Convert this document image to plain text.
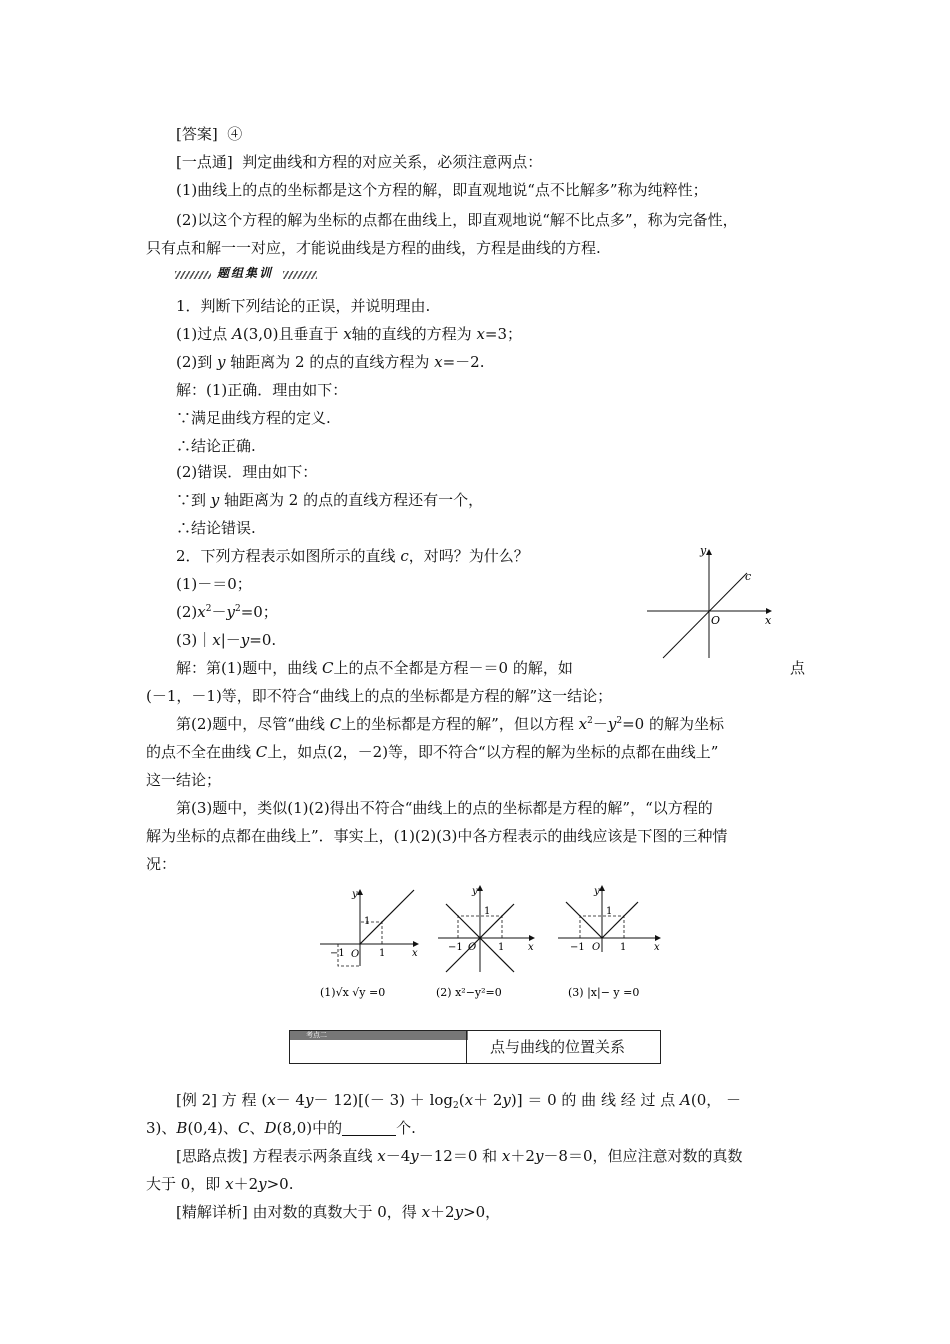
[答案] ④
[一点通] 判定曲线和方程的对应关系，必须注意两点：
(1)曲线上的点的坐标都是这个方程的解，即直观地说“点不比解多”称为纯粹性；
(2)以这个方程的解为坐标的点都在曲线上，即直观地说“解不比点多”，称为完备性，
只有点和解一一对应，才能说曲线是方程的曲线，方程是曲线的方程.
题组集训
1．判断下列结论的正误，并说明理由.
(1)过点 A(3,0)且垂直于 x轴的直线的方程为 x=3；
(2)到 y 轴距离为 2 的点的直线方程为 x=－2.
解：(1)正确．理由如下：
∵满足曲线方程的定义.
∴结论正确.
(2)错误．理由如下：
∵到 y 轴距离为 2 的点的直线方程还有一个，
∴结论错误.
2．下列方程表示如图所示的直线 c，对吗？为什么？
(1)－＝0；
$(2)x^2-y^2=0$；
(3)｜x|－y=0.
y
x
O
c
解：第(1)题中，曲线 C上的点不全都是方程－＝0 的解，如	点
(－1，－1)等，即不符合“曲线上的点的坐标都是方程的解”这一结论；
第(2)题中，尽管“曲线 C上的坐标都是方程的解”，但以方程 $x^2-y^2=0$ 的解为坐标
的点不全在曲线 C上，如点(2，－2)等，即不符合“以方程的解为坐标的点都在曲线上”
这一结论；
第(3)题中，类似(1)(2)得出不符合“曲线上的点的坐标都是方程的解”，“以方程的
解为坐标的点都在曲线上”．事实上，(1)(2)(3)中各方程表示的曲线应该是下图的三种情
况：
y
x
O
1
1
−1
(1)√x √y =0
y
x
O
1
1
−1
(2) x²−y²=0
y
x
O
1
1
−1
(3) |x|− y =0
考点二
点与曲线的位置关系
[例 2] 方 程 $(x- 4y- 12)[(- 3) + \log_2(x+ 2y)] = 0$ 的 曲 线 经 过 点 A(0， －
3)、B(0,4)、C、D(8,0)中的	个.
[思路点拨] 方程表示两条直线 x－4y－12＝0 和 x＋2y－8＝0，但应注意对数的真数
大于 0，即 x＋2y>0.
[精解详析] 由对数的真数大于 0，得 x＋2y>0，
